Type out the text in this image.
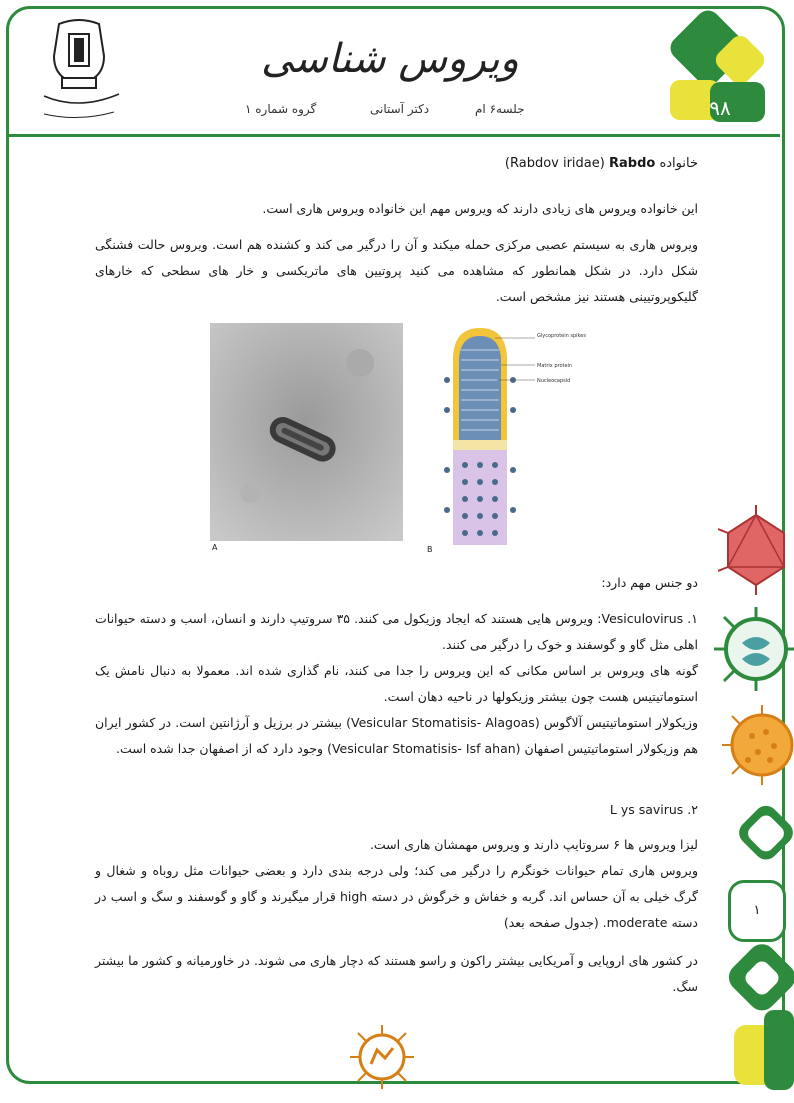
ویروس شناسی
گروه شماره ۱	دکتر آستانی	جلسه۶ ام	۹۸
خانواده Rabdo (Rabdov iridae)

این خانواده ویروس های زیادی دارند که ویروس مهم این خانواده ویروس هاری است.

ویروس هاری به سیستم عصبی مرکزی حمله میکند و آن را درگیر می کند و کشنده هم است. ویروس حالت فشنگی شکل دارد. در شکل همانطور که مشاهده می کنید پروتیین های ماتریکسی و خار های سطحی که خارهای گلیکوپروتیینی هستند نیز مشخص است.

A
Glycoprotein spikes
Matrix protein
Nucleocapsid
B

دو جنس مهم دارد:

۱. Vesiculovirus: ویروس هایی هستند که ایجاد وزیکول می کنند. ۳۵ سروتیپ دارند و انسان، اسب و دسته حیوانات اهلی مثل گاو و گوسفند و خوک را درگیر می کنند.

گونه های ویروس بر اساس مکانی که این ویروس را جدا می کنند، نام گذاری شده اند. معمولا به دنبال نامش یک استوماتیتیس هست چون بیشتر وزیکولها در ناحیه دهان است.

وزیکولار استوماتیتیس آلاگوس (Vesicular Stomatisis- Alagoas) بیشتر در برزیل و آرژانتین است. در کشور ایران هم وزیکولار استوماتیتیس اصفهان (Vesicular Stomatisis- Isf ahan) وجود دارد که از اصفهان جدا شده است.

۲. L ys savirus

لیزا ویروس ها ۶ سروتایپ دارند و ویروس مهمشان هاری است.

ویروس هاری تمام حیوانات خونگرم را درگیر می کند؛ ولی درجه بندی دارد و بعضی حیوانات مثل روباه و شغال و گرگ خیلی به آن حساس اند. گربه و خفاش و خرگوش در دسته high قرار میگیرند و گاو و گوسفند و سگ و اسب در دسته moderate. (جدول صفحه بعد)

در کشور های اروپایی و آمریکایی بیشتر راکون و راسو هستند که دچار هاری می شوند. در خاورمیانه و کشور ما بیشتر سگ.

۱
